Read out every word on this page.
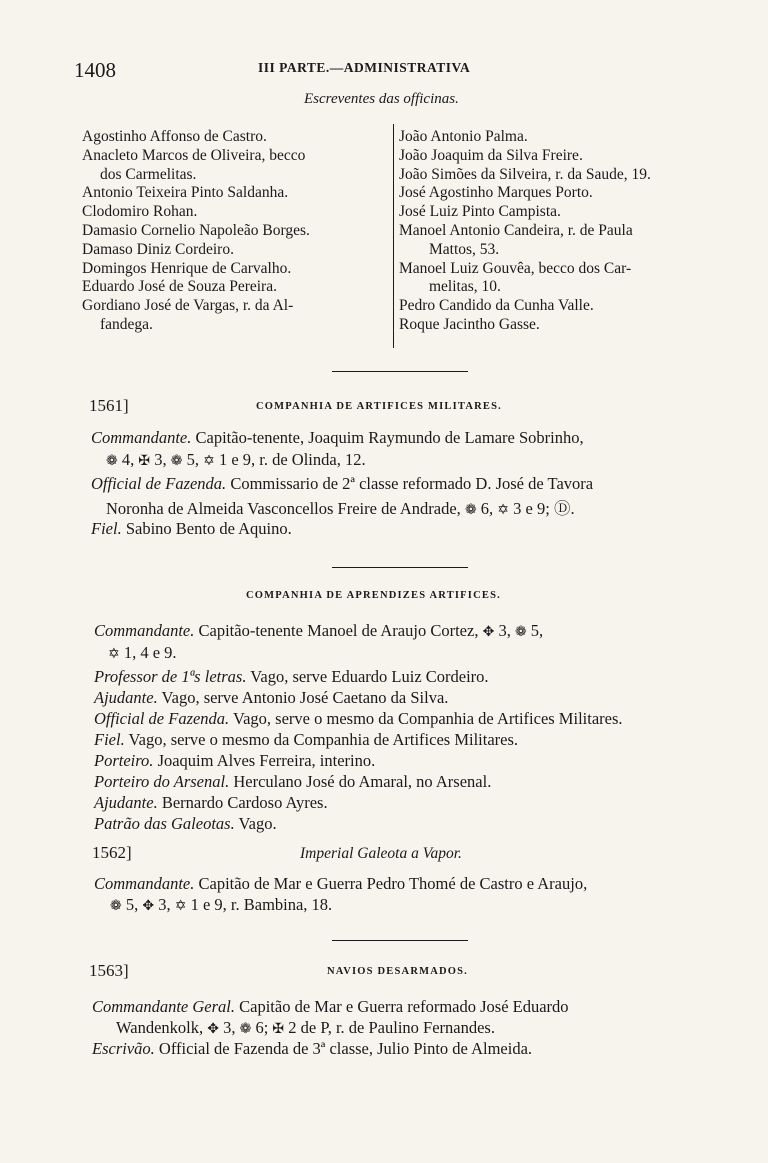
1408	III PARTE.—ADMINISTRATIVA
Escreventes das officinas.
Agostinho Affonso de Castro.
Anacleto Marcos de Oliveira, becco
dos Carmelitas.
Antonio Teixeira Pinto Saldanha.
Clodomiro Rohan.
Damasio Cornelio Napoleão Borges.
Damaso Diniz Cordeiro.
Domingos Henrique de Carvalho.
Eduardo José de Souza Pereira.
Gordiano José de Vargas, r. da Al-
fandega.
João Antonio Palma.
João Joaquim da Silva Freire.
João Simões da Silveira, r. da Saude, 19.
José Agostinho Marques Porto.
José Luiz Pinto Campista.
Manoel Antonio Candeira, r. de Paula
Mattos, 53.
Manoel Luiz Gouvêa, becco dos Car-
melitas, 10.
Pedro Candido da Cunha Valle.
Roque Jacintho Gasse.
1561]	COMPANHIA DE ARTIFICES MILITARES.
Commandante. Capitão-tenente, Joaquim Raymundo de Lamare Sobrinho,
❁ 4, ✠ 3, ❁ 5, ✡ 1 e 9, r. de Olinda, 12.
Official de Fazenda. Commissario de 2ª classe reformado D. José de Tavora
Noronha de Almeida Vasconcellos Freire de Andrade, ❁ 6, ✡ 3 e 9; Ⓓ.
Fiel. Sabino Bento de Aquino.
COMPANHIA DE APRENDIZES ARTIFICES.
Commandante. Capitão-tenente Manoel de Araujo Cortez, ✥ 3, ❁ 5,
✡ 1, 4 e 9.
Professor de 1ªs letras. Vago, serve Eduardo Luiz Cordeiro.
Ajudante. Vago, serve Antonio José Caetano da Silva.
Official de Fazenda. Vago, serve o mesmo da Companhia de Artifices Militares.
Fiel. Vago, serve o mesmo da Companhia de Artifices Militares.
Porteiro. Joaquim Alves Ferreira, interino.
Porteiro do Arsenal. Herculano José do Amaral, no Arsenal.
Ajudante. Bernardo Cardoso Ayres.
Patrão das Galeotas. Vago.
1562]	Imperial Galeota a Vapor.
Commandante. Capitão de Mar e Guerra Pedro Thomé de Castro e Araujo,
❁ 5, ✥ 3, ✡ 1 e 9, r. Bambina, 18.
1563]	NAVIOS DESARMADOS.
Commandante Geral. Capitão de Mar e Guerra reformado José Eduardo
Wandenkolk, ✥ 3, ❁ 6; ✠ 2 de P, r. de Paulino Fernandes.
Escrivão. Official de Fazenda de 3ª classe, Julio Pinto de Almeida.
